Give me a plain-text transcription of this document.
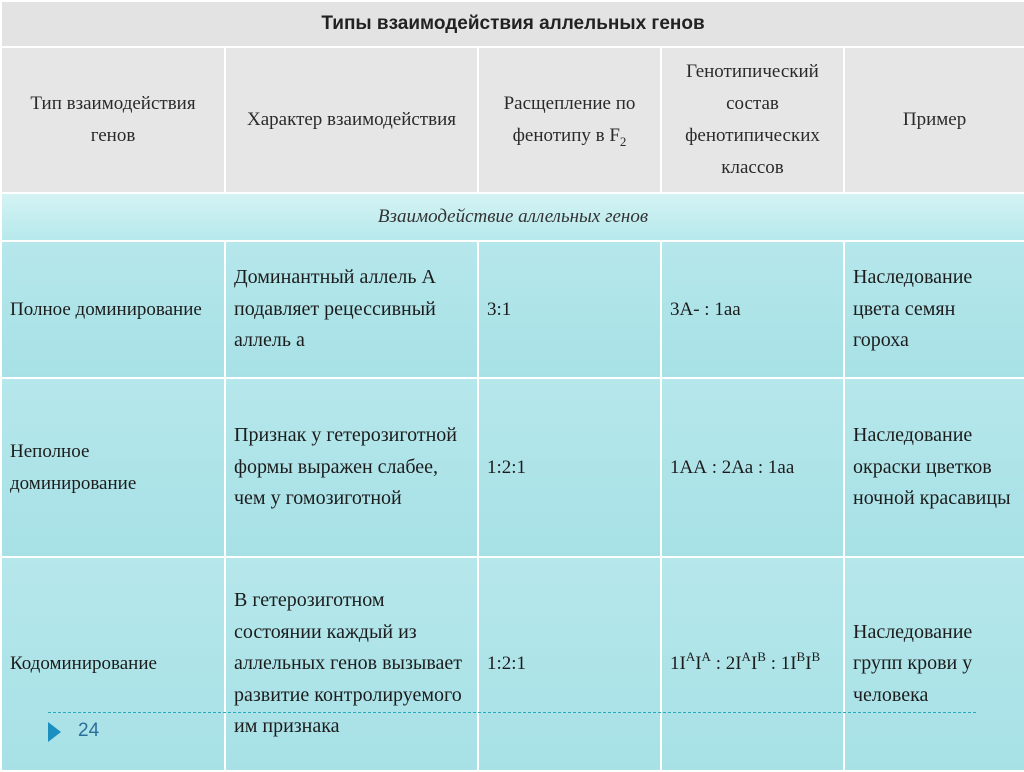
Типы взаимодействия аллельных генов				
Тип взаимодействия генов	Характер взаимодействия	Расщепление по фенотипу в $F_2$	Генотипический состав фенотипических классов	Пример
Взаимодействие аллельных генов				
Полное доминирование	Доминантный аллель А подавляет рецессивный аллель а	3:1	3А- : 1аа	Наследование цвета семян гороха
Неполное доминирование	Признак у гетерозиготной формы выражен слабее, чем у гомозиготной	1:2:1	1АА : 2Аа : 1аа	Наследование окраски цветков ночной красавицы
Кодоминирование	В гетерозиготном состоянии каждый из аллельных генов вызывает развитие контролируемого им признака	1:2:1	$1I^AI^A$ : $2I^AI^B$ : $1I^BI^B$	Наследование групп крови у человека
24
